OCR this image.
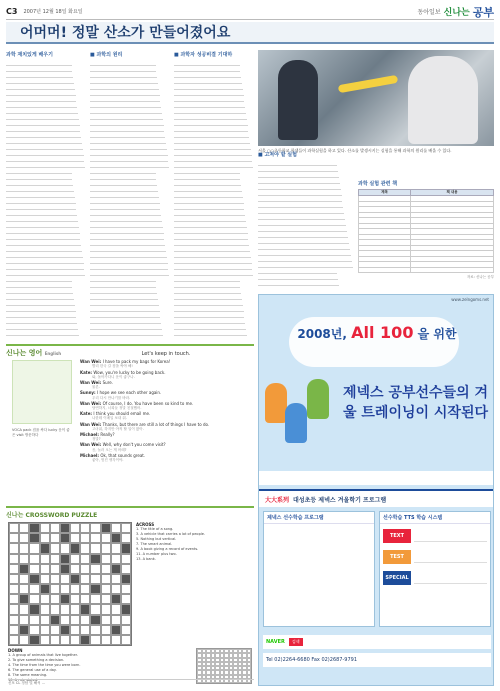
C3 2007년 12월 18일 화요일	동아일보 신나는 공부
어머머! 정말 산소가 만들어졌어요
과학 재치있게 배우기	■ 과학의 원리	■ 과학자 성공비결 기대하
서울 ○○초등학교 학생들이 과학실험을 하고 있다. 산소를 발생시키는 실험을 통해 과학의 원리를 배울 수 있다.
■ 고쳐야 할 실험
과학 실험 관련 책
제목	책 내용

자료: 신나는 공부
www.zelngoms.net
2008년, All 100 을 위한
제넥스 공부선수들의 겨울 트레이닝이 시작된다
大大系列 대성초등 제넥스 겨울학기 프로그램
제넥스 선수학습 프로그램	선수학습 TTS 학습 시스템
TEXT
TEST
SPECIAL
NAVER	검색
Tel 02)2264-6680 Fax 02)2687-9791
신나는 영어 English
VOCA pack 짐을 싸다 lucky 운이 좋은 visit 방문하다
Let's keep in touch.
Wan Wei: I have to pack my bags for Korea!
빨리 한국 갈 짐을 싸야 해!
Kate: Wow, you're lucky to be going back.
와, 돌아가다니 운이 좋구나.
Wan Wei: Sure.
물론.
Sunny: I hope we see each other again.
우리 다시 만나기를 바라.
Wan Wei: Of course, I do. You have been so kind to me.
당연하지, 너희들 정말 친절했어.
Kate: I think you should email me.
나한테 이메일 보내 줘.
Wan Wei: Thanks, but there are still a lot of things I have to do.
고마워, 하지만 아직 할 일이 많아.
Michael: Really?
정말?
Wan Wei: Well, why don't you come visit?
음, 놀러 오는 게 어때?
Michael: Ok, that sounds great.
좋아, 멋진 생각이야.
신나는 CROSSWORD PUZZLE
ACROSS
1. The title of a song.
3. A vehicle that carries a lot of people.
5. Nothing but vertical.
7. The smart animal.
9. A book giving a record of events.
11. A number plus two.
13. A bank.
DOWN
1. A group of animals that live together.
2. To give something a decision.
4. The time from the time you were born.
6. The general use of a day.
8. The same meaning.
10. A rule stated.
신포 CL 정답 및 해석 ...
